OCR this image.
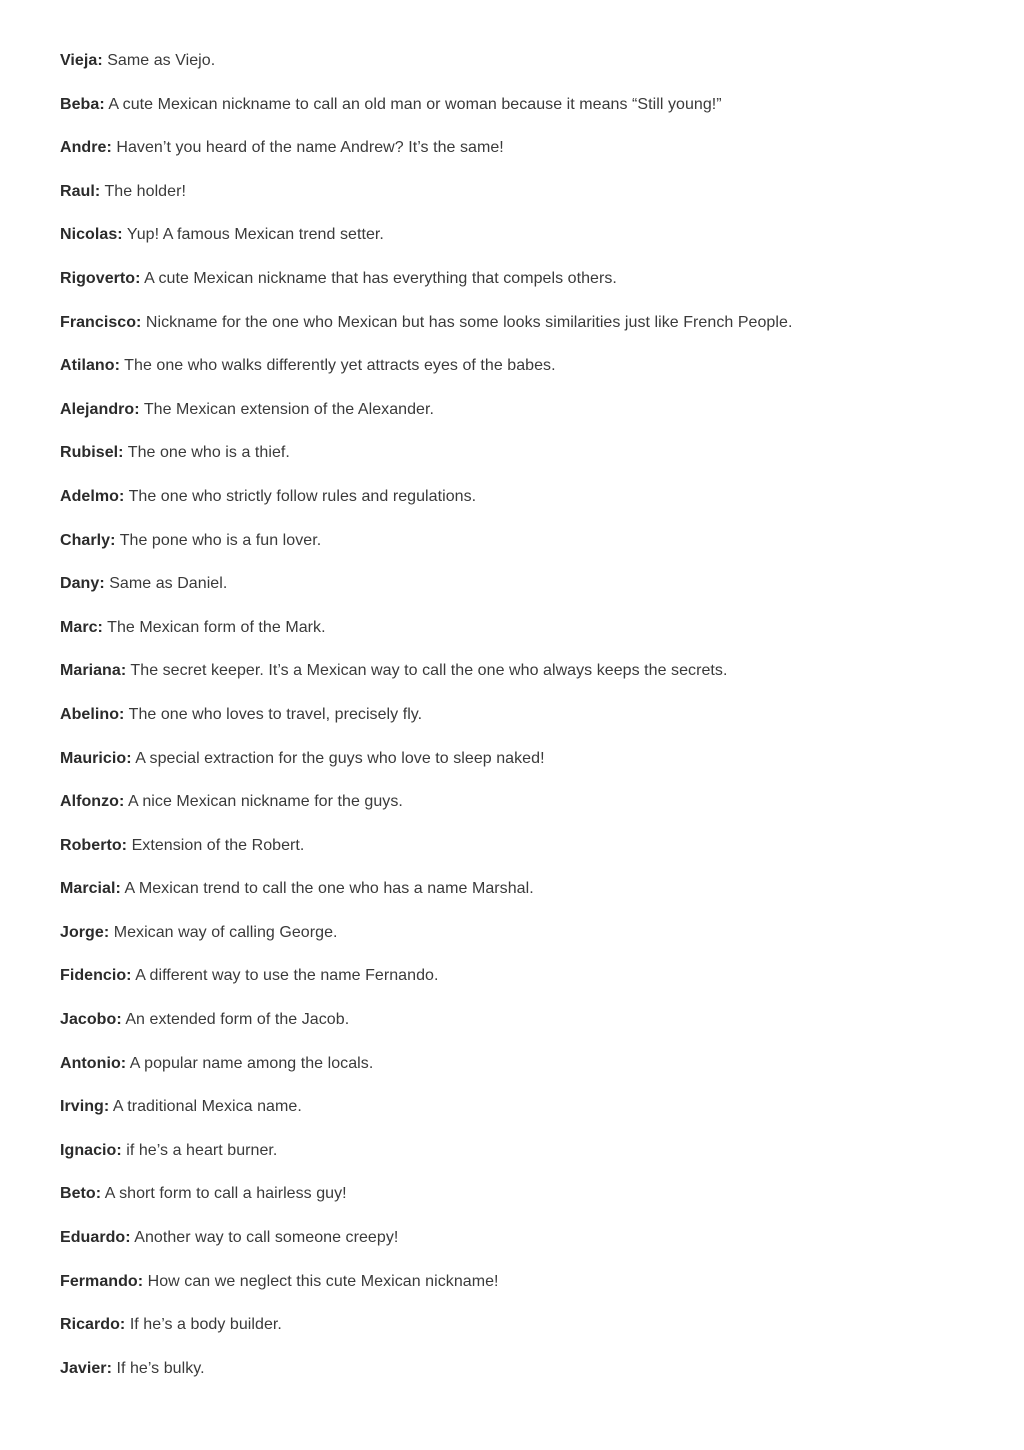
Vieja: Same as Viejo.
Beba: A cute Mexican nickname to call an old man or woman because it means “Still young!”
Andre: Haven’t you heard of the name Andrew? It’s the same!
Raul: The holder!
Nicolas: Yup! A famous Mexican trend setter.
Rigoverto: A cute Mexican nickname that has everything that compels others.
Francisco: Nickname for the one who Mexican but has some looks similarities just like French People.
Atilano: The one who walks differently yet attracts eyes of the babes.
Alejandro: The Mexican extension of the Alexander.
Rubisel: The one who is a thief.
Adelmo: The one who strictly follow rules and regulations.
Charly: The pone who is a fun lover.
Dany: Same as Daniel.
Marc: The Mexican form of the Mark.
Mariana: The secret keeper. It’s a Mexican way to call the one who always keeps the secrets.
Abelino: The one who loves to travel, precisely fly.
Mauricio: A special extraction for the guys who love to sleep naked!
Alfonzo: A nice Mexican nickname for the guys.
Roberto: Extension of the Robert.
Marcial: A Mexican trend to call the one who has a name Marshal.
Jorge: Mexican way of calling George.
Fidencio: A different way to use the name Fernando.
Jacobo: An extended form of the Jacob.
Antonio: A popular name among the locals.
Irving: A traditional Mexica name.
Ignacio: if he’s a heart burner.
Beto: A short form to call a hairless guy!
Eduardo: Another way to call someone creepy!
Fermando: How can we neglect this cute Mexican nickname!
Ricardo: If he’s a body builder.
Javier: If he’s bulky.
